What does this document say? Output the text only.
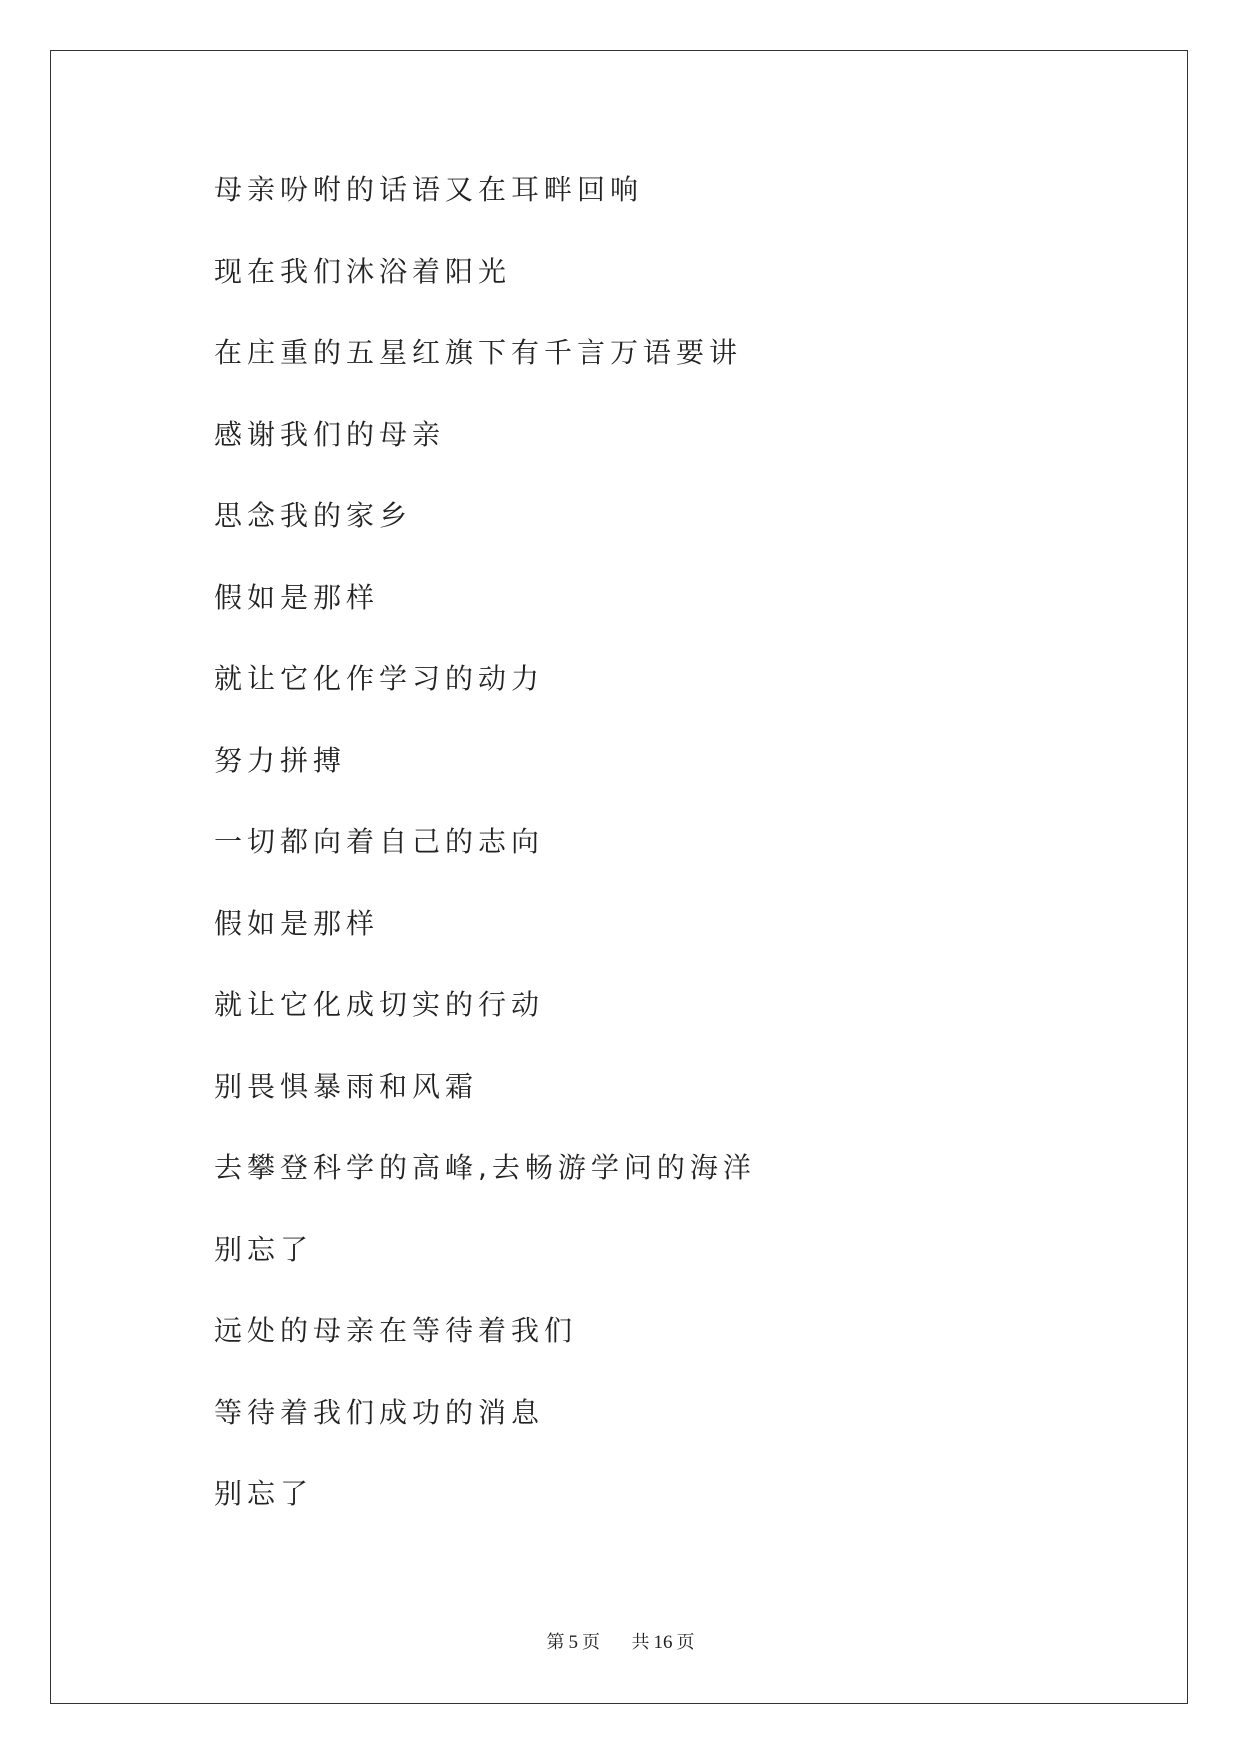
母亲吩咐的话语又在耳畔回响
现在我们沐浴着阳光
在庄重的五星红旗下有千言万语要讲
感谢我们的母亲
思念我的家乡
假如是那样
就让它化作学习的动力
努力拼搏
一切都向着自己的志向
假如是那样
就让它化成切实的行动
别畏惧暴雨和风霜
去攀登科学的高峰,去畅游学问的海洋
别忘了
远处的母亲在等待着我们
等待着我们成功的消息
别忘了
第 5 页 共 16 页
